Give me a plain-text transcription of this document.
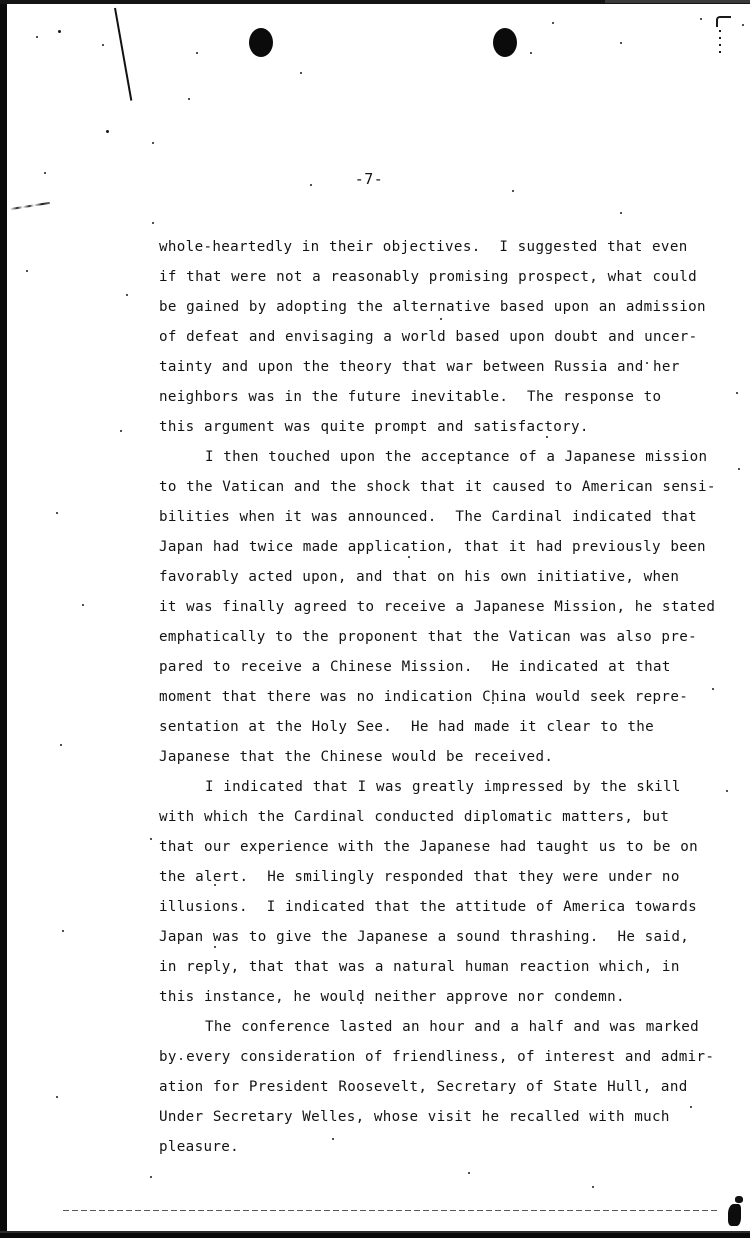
-7-
whole-heartedly in their objectives.  I suggested that even
if that were not a reasonably promising prospect, what could
be gained by adopting the alternative based upon an admission
of defeat and envisaging a world based upon doubt and uncer-
tainty and upon the theory that war between Russia and her
neighbors was in the future inevitable.  The response to
this argument was quite prompt and satisfactory.
I then touched upon the acceptance of a Japanese mission
to the Vatican and the shock that it caused to American sensi-
bilities when it was announced.  The Cardinal indicated that
Japan had twice made application, that it had previously been
favorably acted upon, and that on his own initiative, when
it was finally agreed to receive a Japanese Mission, he stated
emphatically to the proponent that the Vatican was also pre-
pared to receive a Chinese Mission.  He indicated at that
moment that there was no indication China would seek repre-
sentation at the Holy See.  He had made it clear to the
Japanese that the Chinese would be received.
I indicated that I was greatly impressed by the skill
with which the Cardinal conducted diplomatic matters, but
that our experience with the Japanese had taught us to be on
the alert.  He smilingly responded that they were under no
illusions.  I indicated that the attitude of America towards
Japan was to give the Japanese a sound thrashing.  He said,
in reply, that that was a natural human reaction which, in
this instance, he would neither approve nor condemn.
The conference lasted an hour and a half and was marked
by every consideration of friendliness, of interest and admir-
ation for President Roosevelt, Secretary of State Hull, and
Under Secretary Welles, whose visit he recalled with much
pleasure.
